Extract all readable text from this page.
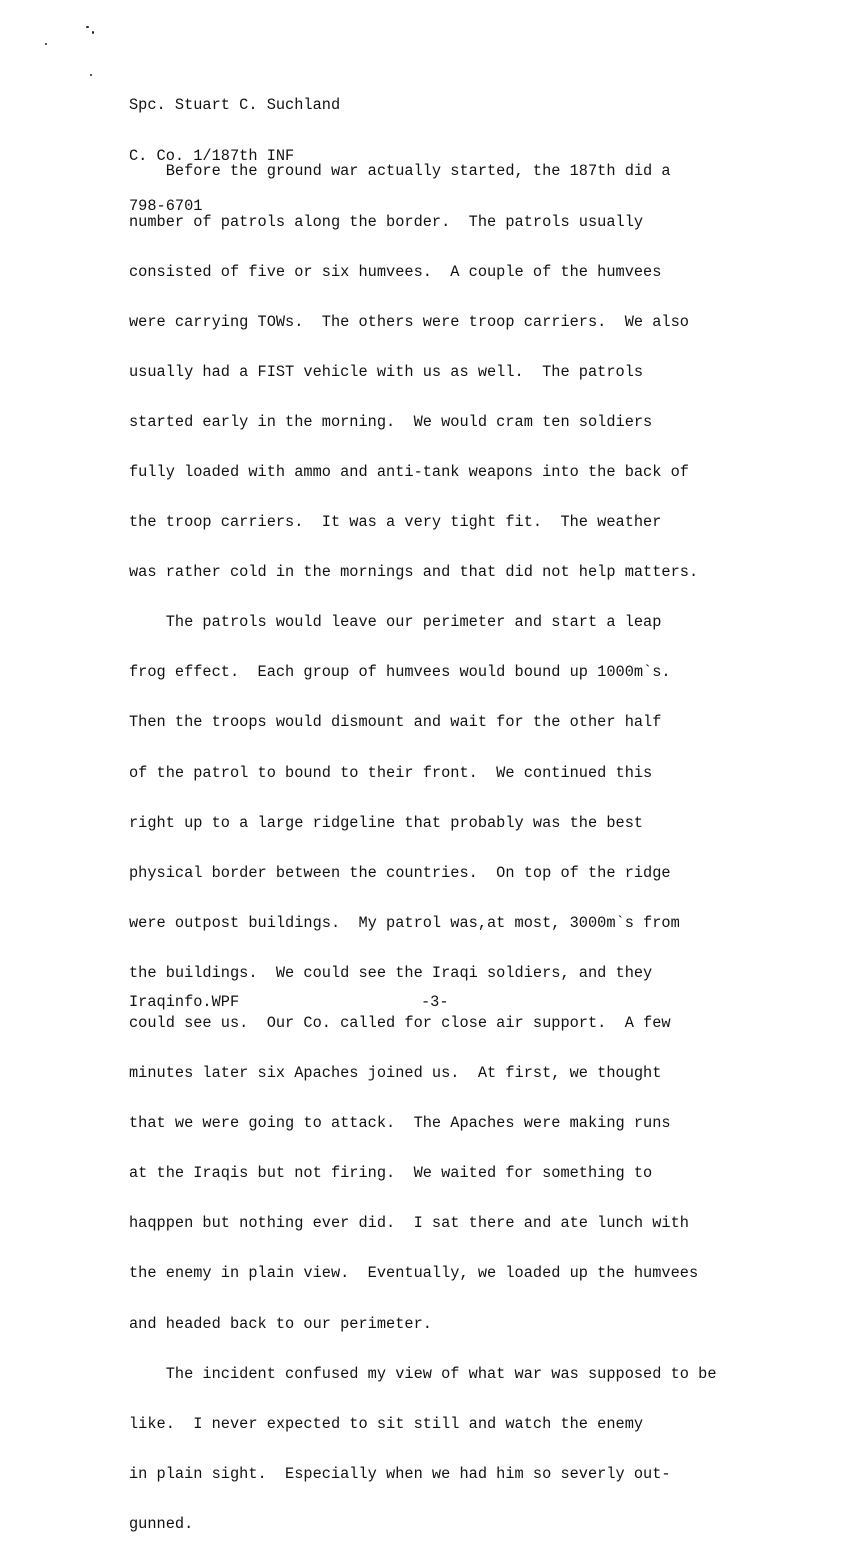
Spc. Stuart C. Suchland

C. Co. 1/187th INF

798-6701

Before the ground war actually started, the 187th did a

number of patrols along the border.  The patrols usually

consisted of five or six humvees.  A couple of the humvees

were carrying TOWs.  The others were troop carriers.  We also

usually had a FIST vehicle with us as well.  The patrols

started early in the morning.  We would cram ten soldiers

fully loaded with ammo and anti-tank weapons into the back of

the troop carriers.  It was a very tight fit.  The weather

was rather cold in the mornings and that did not help matters.

The patrols would leave our perimeter and start a leap

frog effect.  Each group of humvees would bound up 1000m`s.

Then the troops would dismount and wait for the other half

of the patrol to bound to their front.  We continued this

right up to a large ridgeline that probably was the best

physical border between the countries.  On top of the ridge

were outpost buildings.  My patrol was,at most, 3000m`s from

the buildings.  We could see the Iraqi soldiers, and they

could see us.  Our Co. called for close air support.  A few

minutes later six Apaches joined us.  At first, we thought

that we were going to attack.  The Apaches were making runs

at the Iraqis but not firing.  We waited for something to

haqppen but nothing ever did.  I sat there and ate lunch with

the enemy in plain view.  Eventually, we loaded up the humvees

and headed back to our perimeter.

The incident confused my view of what war was supposed to be

like.  I never expected to sit still and watch the enemy

in plain sight.  Especially when we had him so severly out-

gunned.

Iraqinfo.WPF	-3-
